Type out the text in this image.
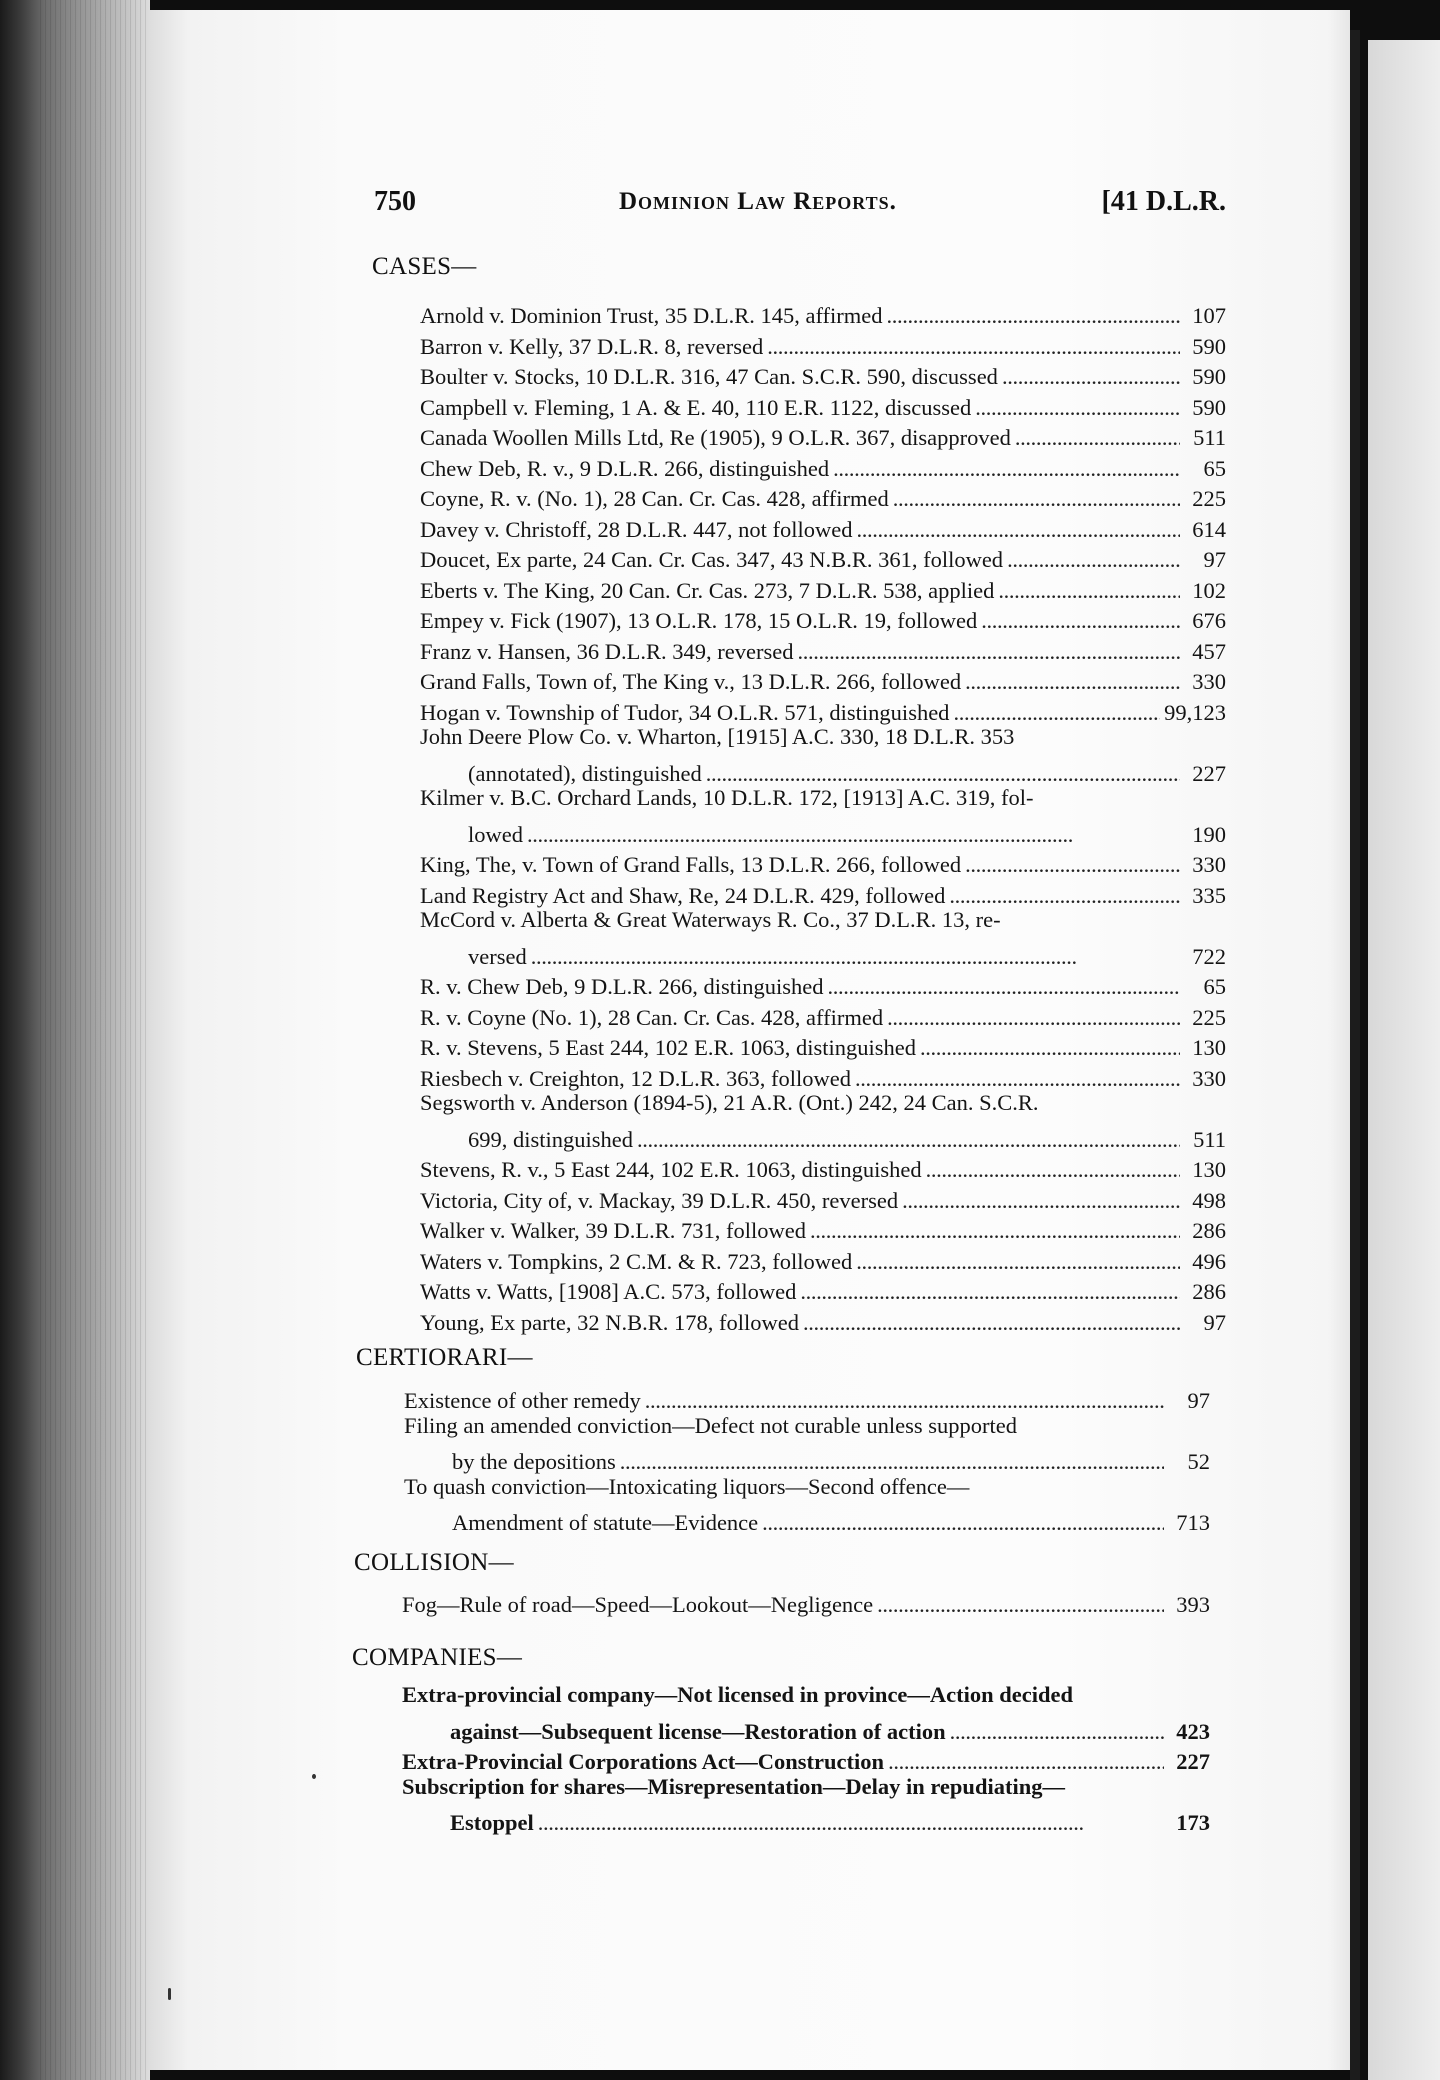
750	Dominion Law Reports.	[41 D.L.R.
CASES—
Arnold v. Dominion Trust, 35 D.L.R. 145, affirmed . . .	107
Barron v. Kelly, 37 D.L.R. 8, reversed . . .	590
Boulter v. Stocks, 10 D.L.R. 316, 47 Can. S.C.R. 590, discussed . . .	590
Campbell v. Fleming, 1 A. & E. 40, 110 E.R. 1122, discussed . . .	590
Canada Woollen Mills Ltd, Re (1905), 9 O.L.R. 367, disapproved . . .	511
Chew Deb, R. v., 9 D.L.R. 266, distinguished . . .	65
Coyne, R. v. (No. 1), 28 Can. Cr. Cas. 428, affirmed . . .	225
Davey v. Christoff, 28 D.L.R. 447, not followed . . .	614
Doucet, Ex parte, 24 Can. Cr. Cas. 347, 43 N.B.R. 361, followed . . .	97
Eberts v. The King, 20 Can. Cr. Cas. 273, 7 D.L.R. 538, applied . . .	102
Empey v. Fick (1907), 13 O.L.R. 178, 15 O.L.R. 19, followed . . .	676
Franz v. Hansen, 36 D.L.R. 349, reversed . . .	457
Grand Falls, Town of, The King v., 13 D.L.R. 266, followed . . .	330
Hogan v. Township of Tudor, 34 O.L.R. 571, distinguished . . .	99,123
John Deere Plow Co. v. Wharton, [1915] A.C. 330, 18 D.L.R. 353
(annotated), distinguished . . .	227
Kilmer v. B.C. Orchard Lands, 10 D.L.R. 172, [1913] A.C. 319, fol-
lowed . . .	190
King, The, v. Town of Grand Falls, 13 D.L.R. 266, followed . . .	330
Land Registry Act and Shaw, Re, 24 D.L.R. 429, followed . . .	335
McCord v. Alberta & Great Waterways R. Co., 37 D.L.R. 13, re-
versed . . .	722
R. v. Chew Deb, 9 D.L.R. 266, distinguished . . .	65
R. v. Coyne (No. 1), 28 Can. Cr. Cas. 428, affirmed . . .	225
R. v. Stevens, 5 East 244, 102 E.R. 1063, distinguished . . .	130
Riesbech v. Creighton, 12 D.L.R. 363, followed . . .	330
Segsworth v. Anderson (1894-5), 21 A.R. (Ont.) 242, 24 Can. S.C.R.
699, distinguished . . .	511
Stevens, R. v., 5 East 244, 102 E.R. 1063, distinguished . . .	130
Victoria, City of, v. Mackay, 39 D.L.R. 450, reversed . . .	498
Walker v. Walker, 39 D.L.R. 731, followed . . .	286
Waters v. Tompkins, 2 C.M. & R. 723, followed . . .	496
Watts v. Watts, [1908] A.C. 573, followed . . .	286
Young, Ex parte, 32 N.B.R. 178, followed . . .	97
CERTIORARI—
Existence of other remedy . . .	97
Filing an amended conviction—Defect not curable unless supported
by the depositions . . .	52
To quash conviction—Intoxicating liquors—Second offence—
Amendment of statute—Evidence . . .	713
COLLISION—
Fog—Rule of road—Speed—Lookout—Negligence . . .	393
COMPANIES—
Extra-provincial company—Not licensed in province—Action decided
against—Subsequent license—Restoration of action . . .	423
Extra-Provincial Corporations Act—Construction . . .	227
Subscription for shares—Misrepresentation—Delay in repudiating—
Estoppel . . .	173
